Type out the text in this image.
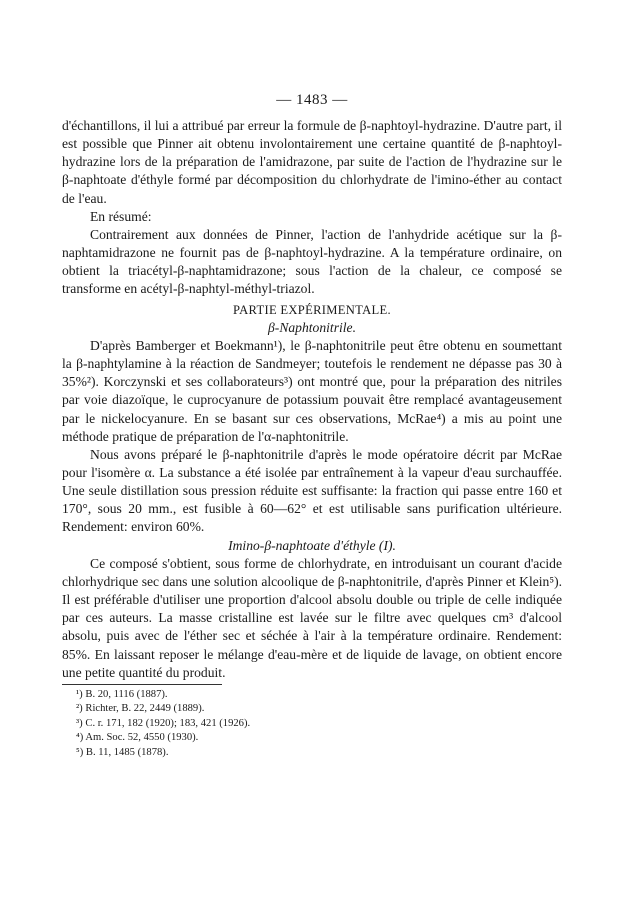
— 1483 —

d'échantillons, il lui a attribué par erreur la formule de β-naphtoyl-hydrazine. D'autre part, il est possible que Pinner ait obtenu involontairement une certaine quantité de β-naphtoyl-hydrazine lors de la préparation de l'amidrazone, par suite de l'action de l'hydrazine sur le β-naphtoate d'éthyle formé par décomposition du chlorhydrate de l'imino-éther au contact de l'eau.

En résumé:

Contrairement aux données de Pinner, l'action de l'anhydride acétique sur la β-naphtamidrazone ne fournit pas de β-naphtoyl-hydrazine. A la température ordinaire, on obtient la triacétyl-β-naphtamidrazone; sous l'action de la chaleur, ce composé se transforme en acétyl-β-naphtyl-méthyl-triazol.

PARTIE EXPÉRIMENTALE.

β-Naphtonitrile.

D'après Bamberger et Boekmann¹), le β-naphtonitrile peut être obtenu en soumettant la β-naphtylamine à la réaction de Sandmeyer; toutefois le rendement ne dépasse pas 30 à 35%²). Korczynski et ses collaborateurs³) ont montré que, pour la préparation des nitriles par voie diazoïque, le cuprocyanure de potassium pouvait être remplacé avantageusement par le nickelocyanure. En se basant sur ces observations, McRae⁴) a mis au point une méthode pratique de préparation de l'α-naphtonitrile.

Nous avons préparé le β-naphtonitrile d'après le mode opératoire décrit par McRae pour l'isomère α. La substance a été isolée par entraînement à la vapeur d'eau surchauffée. Une seule distillation sous pression réduite est suffisante: la fraction qui passe entre 160 et 170°, sous 20 mm., est fusible à 60—62° et est utilisable sans purification ultérieure. Rendement: environ 60%.

Imino-β-naphtoate d'éthyle (I).

Ce composé s'obtient, sous forme de chlorhydrate, en introduisant un courant d'acide chlorhydrique sec dans une solution alcoolique de β-naphtonitrile, d'après Pinner et Klein⁵). Il est préférable d'utiliser une proportion d'alcool absolu double ou triple de celle indiquée par ces auteurs. La masse cristalline est lavée sur le filtre avec quelques cm³ d'alcool absolu, puis avec de l'éther sec et séchée à l'air à la température ordinaire. Rendement: 85%. En laissant reposer le mélange d'eau-mère et de liquide de lavage, on obtient encore une petite quantité du produit.

¹) B. 20, 1116 (1887).

²) Richter, B. 22, 2449 (1889).

³) C. r. 171, 182 (1920); 183, 421 (1926).

⁴) Am. Soc. 52, 4550 (1930).

⁵) B. 11, 1485 (1878).
